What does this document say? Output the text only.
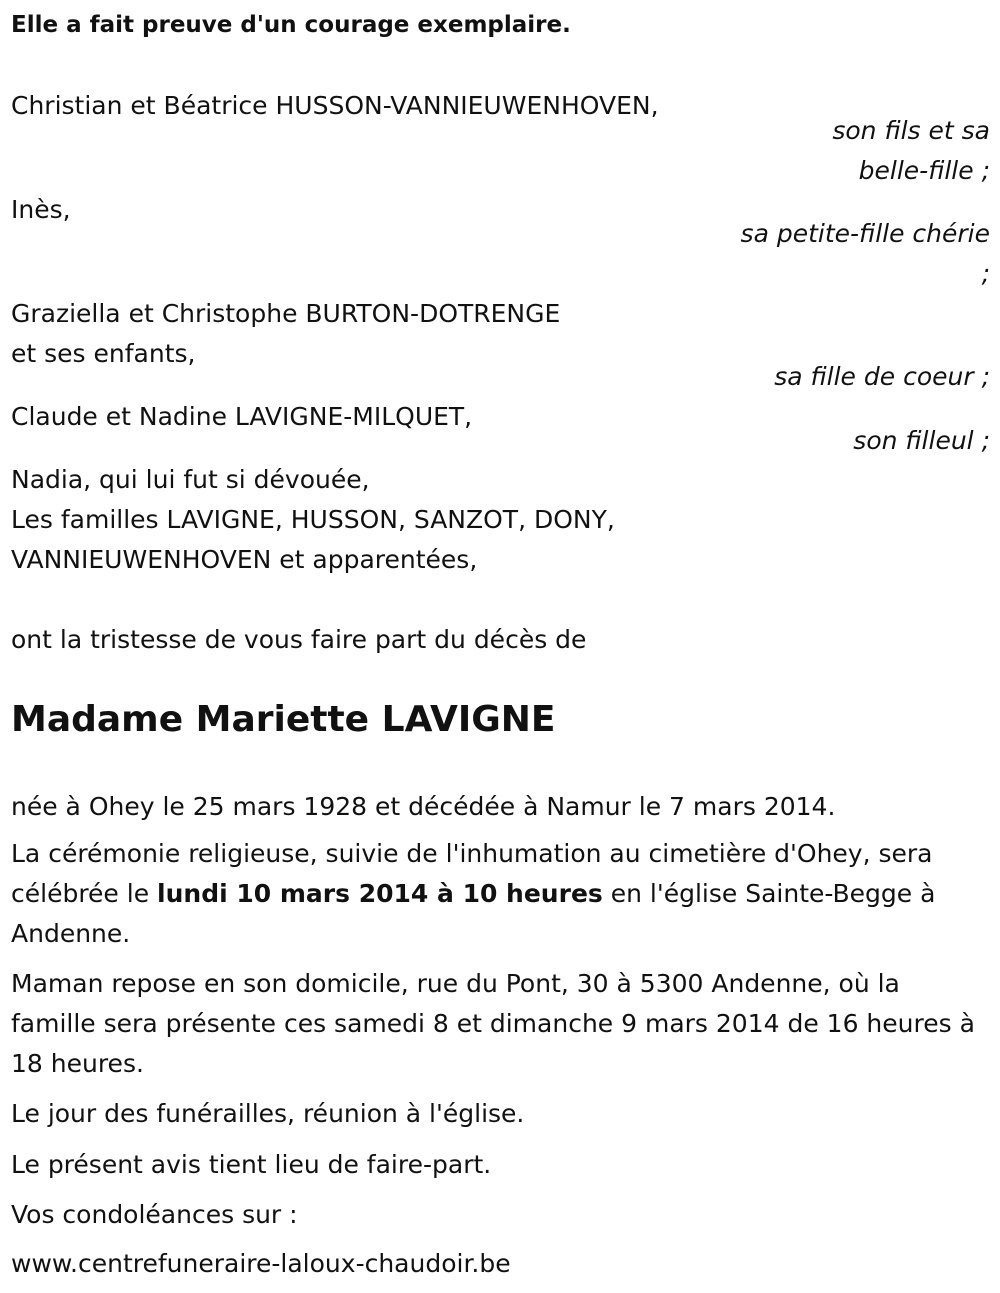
Elle a fait preuve d'un courage exemplaire.
Christian et Béatrice HUSSON-VANNIEUWENHOVEN,
son fils et sa
belle-fille ;
Inès,
sa petite-fille chérie
;
Graziella et Christophe BURTON-DOTRENGE
et ses enfants,
sa fille de coeur ;
Claude et Nadine LAVIGNE-MILQUET,
son filleul ;
Nadia, qui lui fut si dévouée,
Les familles LAVIGNE, HUSSON, SANZOT, DONY,
VANNIEUWENHOVEN et apparentées,
ont la tristesse de vous faire part du décès de
Madame Mariette LAVIGNE
née à Ohey le 25 mars 1928 et décédée à Namur le 7 mars 2014.
La cérémonie religieuse, suivie de l'inhumation au cimetière d'Ohey, sera célébrée le lundi 10 mars 2014 à 10 heures en l'église Sainte-Begge à Andenne.
Maman repose en son domicile, rue du Pont, 30 à 5300 Andenne, où la famille sera présente ces samedi 8 et dimanche 9 mars 2014 de 16 heures à 18 heures.
Le jour des funérailles, réunion à l'église.
Le présent avis tient lieu de faire-part.
Vos condoléances sur :
www.centrefuneraire-laloux-chaudoir.be
